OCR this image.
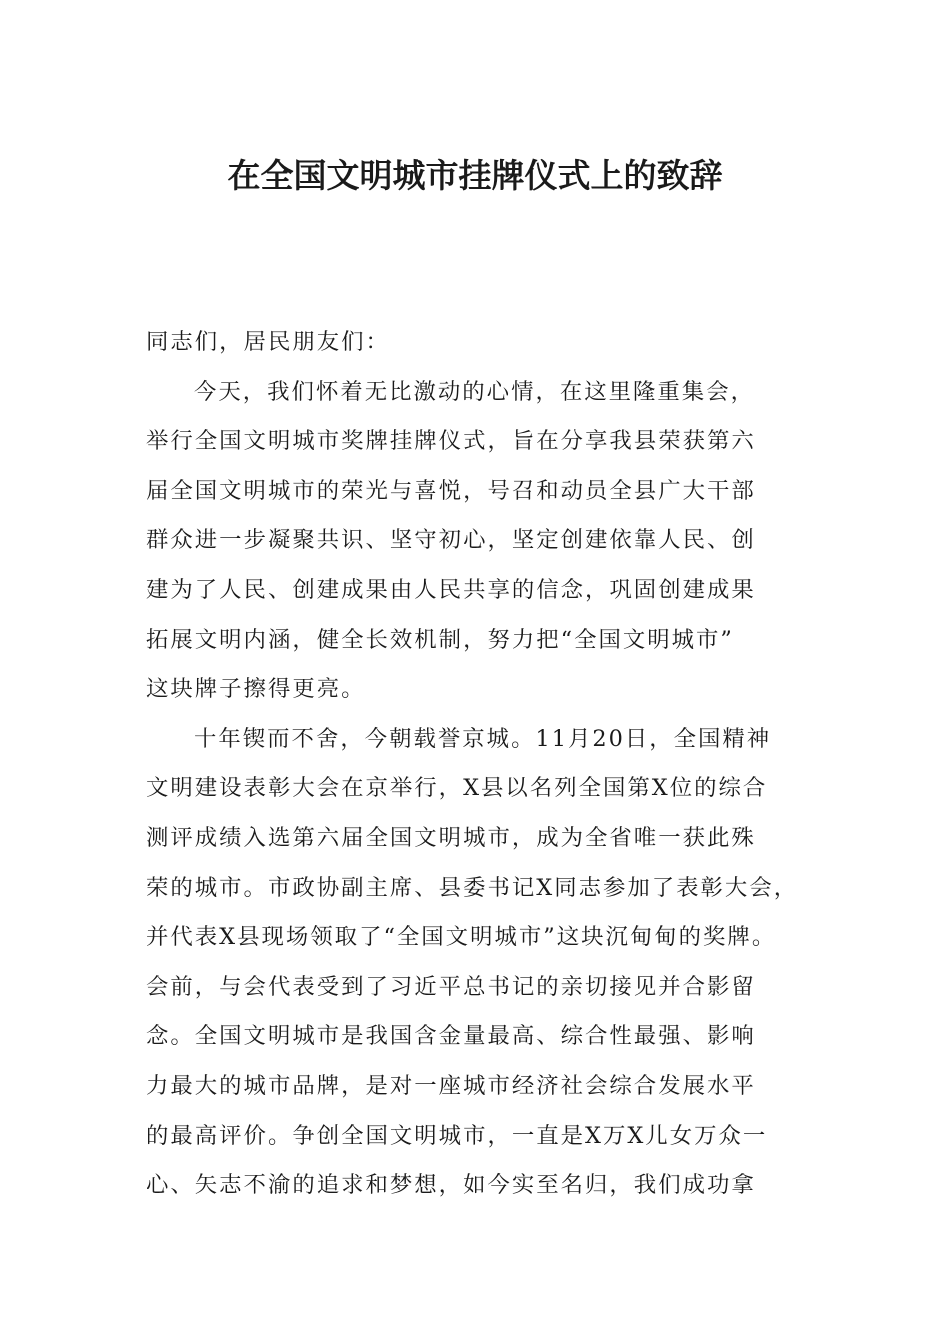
在全国文明城市挂牌仪式上的致辞
同志们，居民朋友们：
今天，我们怀着无比激动的心情，在这里隆重集会，
举行全国文明城市奖牌挂牌仪式，旨在分享我县荣获第六
届全国文明城市的荣光与喜悦，号召和动员全县广大干部
群众进一步凝聚共识、坚守初心，坚定创建依靠人民、创
建为了人民、创建成果由人民共享的信念，巩固创建成果
拓展文明内涵，健全长效机制，努力把“全国文明城市”
这块牌子擦得更亮。
十年锲而不舍，今朝载誉京城。11月20日，全国精神
文明建设表彰大会在京举行，X县以名列全国第X位的综合
测评成绩入选第六届全国文明城市，成为全省唯一获此殊
荣的城市。市政协副主席、县委书记X同志参加了表彰大会，
并代表X县现场领取了“全国文明城市”这块沉甸甸的奖牌。
会前，与会代表受到了习近平总书记的亲切接见并合影留
念。全国文明城市是我国含金量最高、综合性最强、影响
力最大的城市品牌，是对一座城市经济社会综合发展水平
的最高评价。争创全国文明城市，一直是X万X儿女万众一
心、矢志不渝的追求和梦想，如今实至名归，我们成功拿
